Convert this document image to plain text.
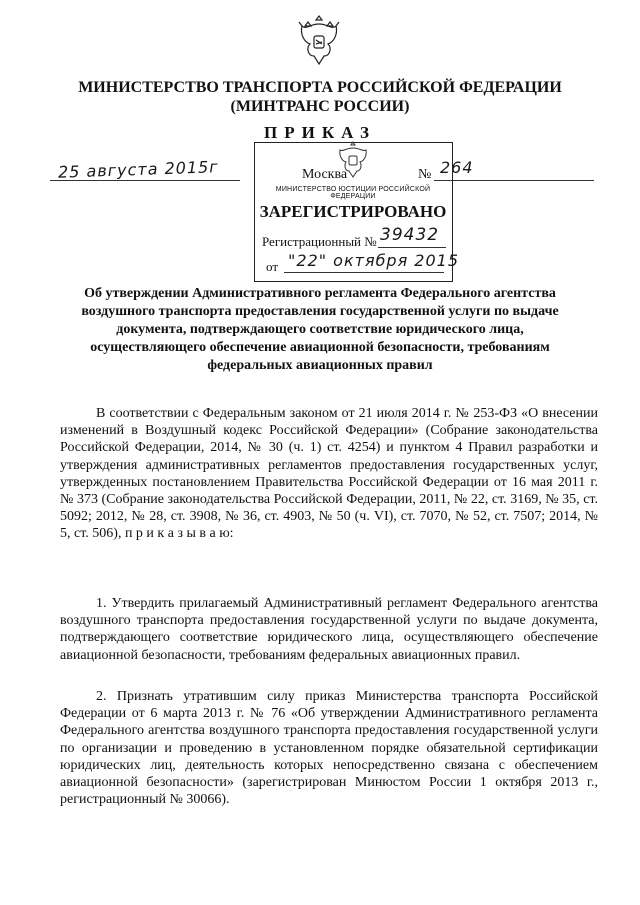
МИНИСТЕРСТВО ТРАНСПОРТА РОССИЙСКОЙ ФЕДЕРАЦИИ
(МИНТРАНС РОССИИ)
ПРИКАЗ
25 августа 2015г	Москва	№ 264
МИНИСТЕРСТВО ЮСТИЦИИ РОССИЙСКОЙ ФЕДЕРАЦИИ
ЗАРЕГИСТРИРОВАНО
Регистрационный № 39432
от "22" октября 2015
Об утверждении Административного регламента Федерального агентства воздушного транспорта предоставления государственной услуги по выдаче документа, подтверждающего соответствие юридического лица, осуществляющего обеспечение авиационной безопасности, требованиям федеральных авиационных правил
В соответствии с Федеральным законом от 21 июля 2014 г. № 253-ФЗ «О внесении изменений в Воздушный кодекс Российской Федерации» (Собрание законодательства Российской Федерации, 2014, № 30 (ч. 1) ст. 4254) и пунктом 4 Правил разработки и утверждения административных регламентов предоставления государственных услуг, утвержденных постановлением Правительства Российской Федерации от 16 мая 2011 г. № 373 (Собрание законодательства Российской Федерации, 2011, № 22, ст. 3169, № 35, ст. 5092; 2012, № 28, ст. 3908, № 36, ст. 4903, № 50 (ч. VI), ст. 7070, № 52, ст. 7507; 2014, № 5, ст. 506), п р и к а з ы в а ю:
1. Утвердить прилагаемый Административный регламент Федерального агентства воздушного транспорта предоставления государственной услуги по выдаче документа, подтверждающего соответствие юридического лица, осуществляющего обеспечение авиационной безопасности, требованиям федеральных авиационных правил.
2. Признать утратившим силу приказ Министерства транспорта Российской Федерации от 6 марта 2013 г. № 76 «Об утверждении Административного регламента Федерального агентства воздушного транспорта предоставления государственной услуги по организации и проведению в установленном порядке обязательной сертификации юридических лиц, деятельность которых непосредственно связана с обеспечением авиационной безопасности» (зарегистрирован Минюстом России 1 октября 2013 г., регистрационный № 30066).
